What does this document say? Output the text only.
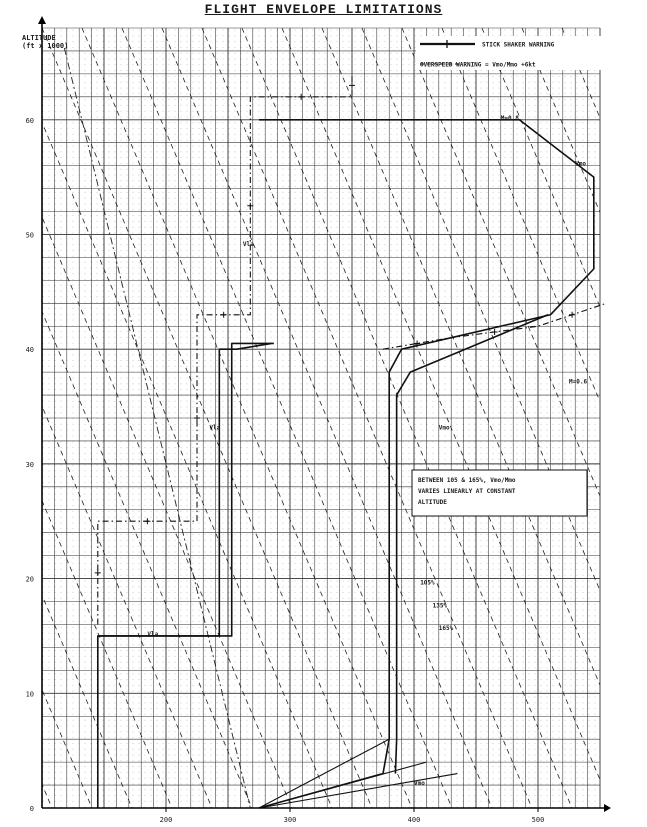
FLIGHT ENVELOPE LIMITATIONS
200	300	400	500
10
20
30
40
50
60
0
ALTITUDE
(ft x 1000)
Vmo
Vmo
Vmo
Vla
Vla
Vla
M=0.8
M=0.6
105%
135%
165%
BETWEEN 105 & 165%, Vmo/Mmo
VARIES LINEARLY AT CONSTANT
ALTITUDE
STICK SHAKER WARNING
OVERSPEED WARNING = Vmo/Mmo +6kt
